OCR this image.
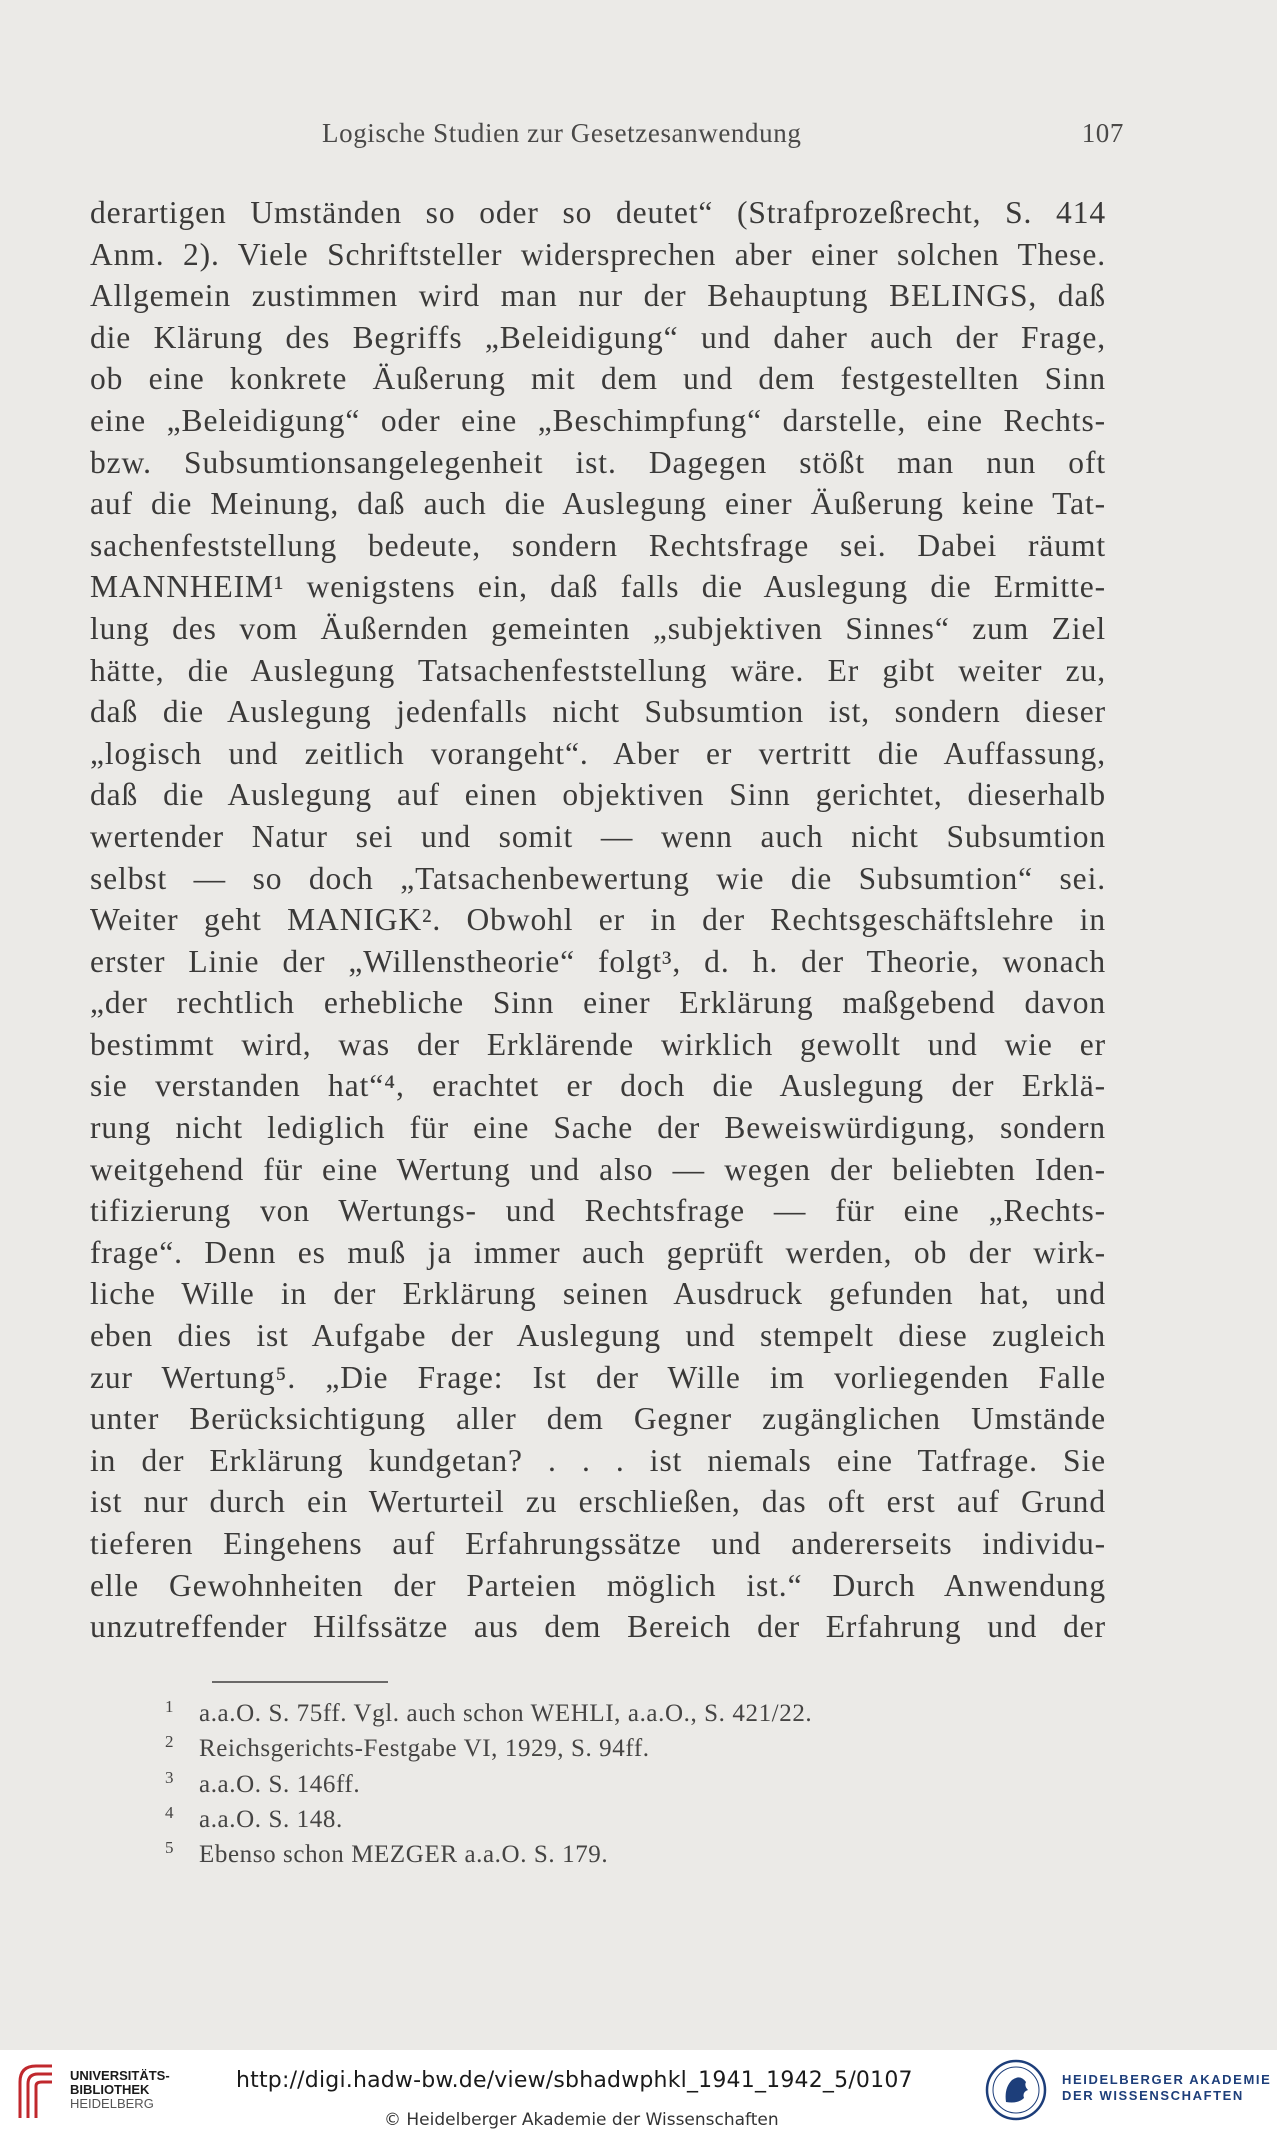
Logische Studien zur Gesetzesanwendung	107
derartigen Umständen so oder so deutet“ (Strafprozeßrecht, S. 414
Anm. 2). Viele Schriftsteller widersprechen aber einer solchen These.
Allgemein zustimmen wird man nur der Behauptung BELINGS, daß
die Klärung des Begriffs „Beleidigung“ und daher auch der Frage,
ob eine konkrete Äußerung mit dem und dem festgestellten Sinn
eine „Beleidigung“ oder eine „Beschimpfung“ darstelle, eine Rechts-
bzw. Subsumtionsangelegenheit ist. Dagegen stößt man nun oft
auf die Meinung, daß auch die Auslegung einer Äußerung keine Tat-
sachenfeststellung bedeute, sondern Rechtsfrage sei. Dabei räumt
MANNHEIM¹ wenigstens ein, daß falls die Auslegung die Ermitte-
lung des vom Äußernden gemeinten „subjektiven Sinnes“ zum Ziel
hätte, die Auslegung Tatsachenfeststellung wäre. Er gibt weiter zu,
daß die Auslegung jedenfalls nicht Subsumtion ist, sondern dieser
„logisch und zeitlich vorangeht“. Aber er vertritt die Auffassung,
daß die Auslegung auf einen objektiven Sinn gerichtet, dieserhalb
wertender Natur sei und somit — wenn auch nicht Subsumtion
selbst — so doch „Tatsachenbewertung wie die Subsumtion“ sei.
Weiter geht MANIGK². Obwohl er in der Rechtsgeschäftslehre in
erster Linie der „Willenstheorie“ folgt³, d. h. der Theorie, wonach
„der rechtlich erhebliche Sinn einer Erklärung maßgebend davon
bestimmt wird, was der Erklärende wirklich gewollt und wie er
sie verstanden hat“⁴, erachtet er doch die Auslegung der Erklä-
rung nicht lediglich für eine Sache der Beweiswürdigung, sondern
weitgehend für eine Wertung und also — wegen der beliebten Iden-
tifizierung von Wertungs- und Rechtsfrage — für eine „Rechts-
frage“. Denn es muß ja immer auch geprüft werden, ob der wirk-
liche Wille in der Erklärung seinen Ausdruck gefunden hat, und
eben dies ist Aufgabe der Auslegung und stempelt diese zugleich
zur Wertung⁵. „Die Frage: Ist der Wille im vorliegenden Falle
unter Berücksichtigung aller dem Gegner zugänglichen Umstände
in der Erklärung kundgetan? . . . ist niemals eine Tatfrage. Sie
ist nur durch ein Werturteil zu erschließen, das oft erst auf Grund
tieferen Eingehens auf Erfahrungssätze und andererseits individu-
elle Gewohnheiten der Parteien möglich ist.“ Durch Anwendung
unzutreffender Hilfssätze aus dem Bereich der Erfahrung und der
1 a.a.O. S. 75ff. Vgl. auch schon WEHLI, a.a.O., S. 421/22.
2 Reichsgerichts-Festgabe VI, 1929, S. 94ff.
3 a.a.O. S. 146ff.
4 a.a.O. S. 148.
5 Ebenso schon MEZGER a.a.O. S. 179.
UNIVERSITÄTS-
BIBLIOTHEK
HEIDELBERG
http://digi.hadw-bw.de/view/sbhadwphkl_1941_1942_5/0107
© Heidelberger Akademie der Wissenschaften
HEIDELBERGER AKADEMIE
DER WISSENSCHAFTEN
